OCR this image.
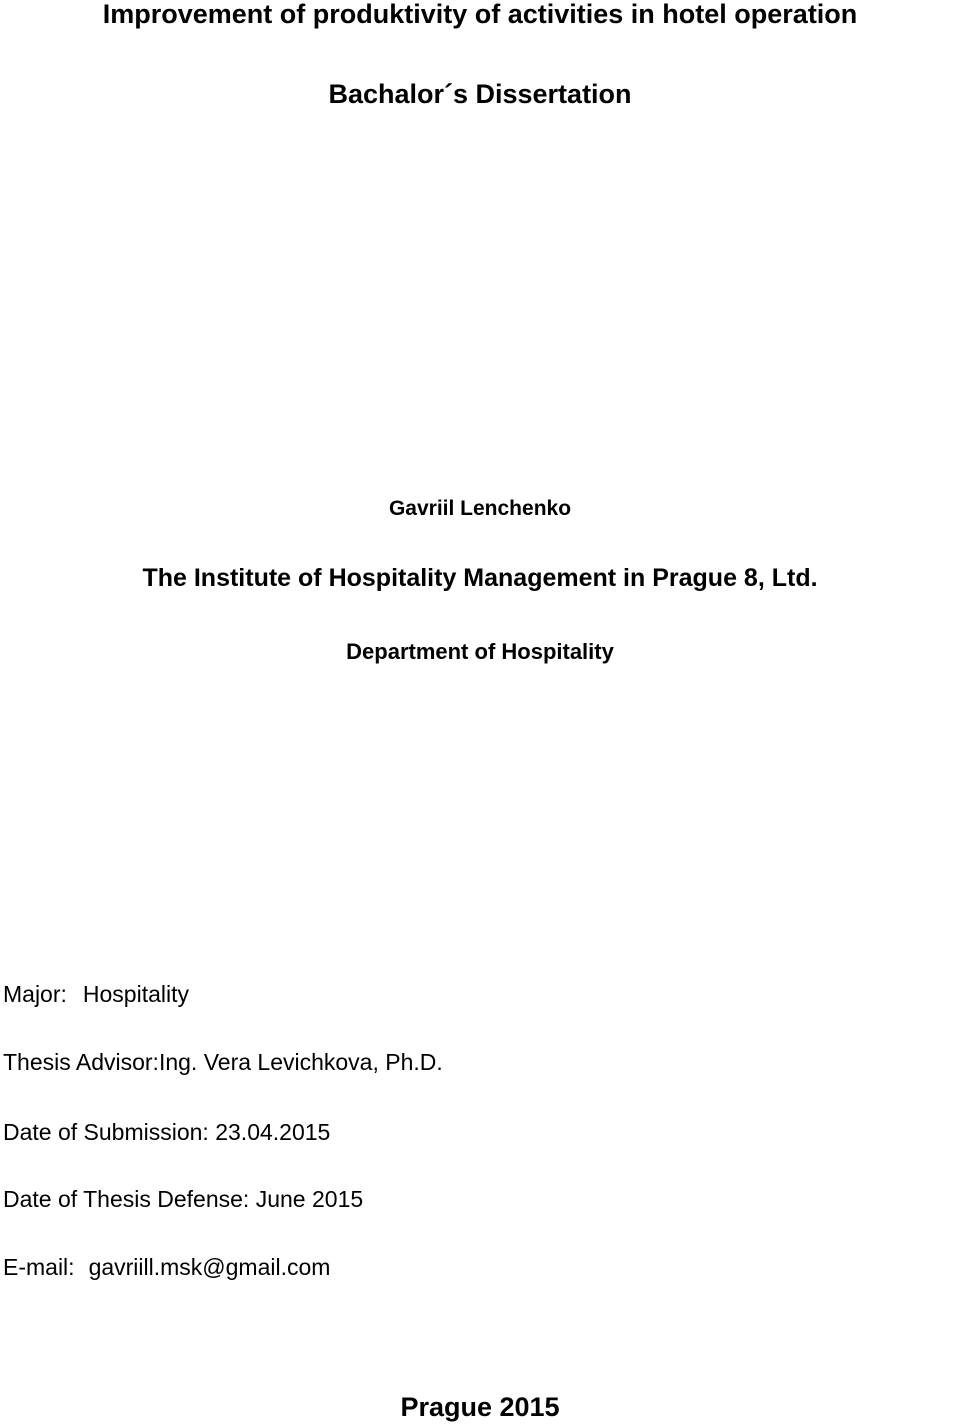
Improvement of produktivity of activities in hotel operation
Bachalor´s Dissertation
Gavriil Lenchenko
The Institute of Hospitality Management in Prague 8, Ltd.
Department of Hospitality
Major: Hospitality
Thesis Advisor:Ing. Vera Levichkova, Ph.D.
Date of Submission: 23.04.2015
Date of Thesis Defense: June 2015
E-mail: gavriill.msk@gmail.com
Prague 2015
